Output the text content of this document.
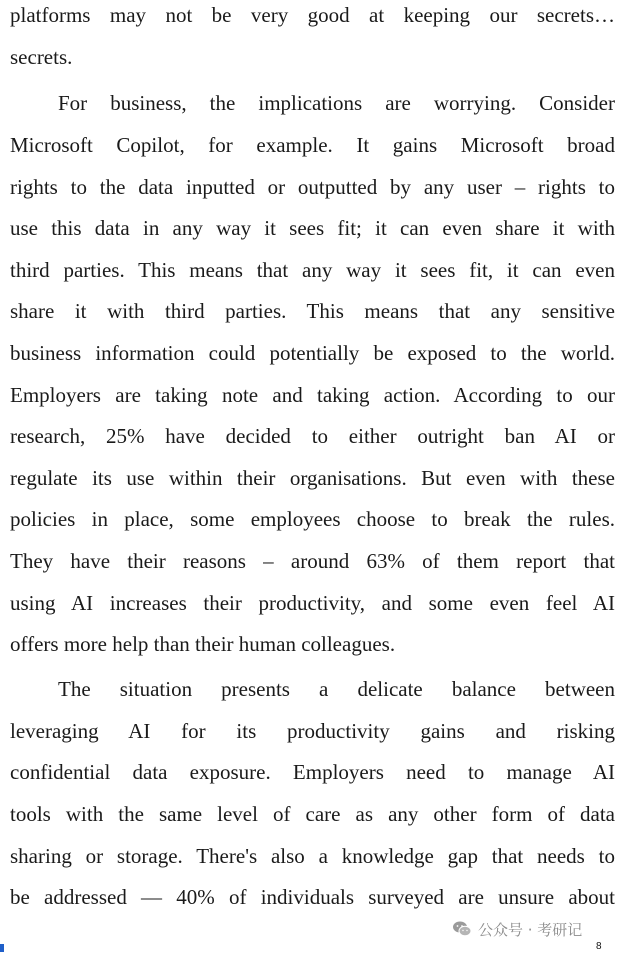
platforms may not be very good at keeping our secrets…
secrets.
For business, the implications are worrying. Consider
Microsoft Copilot, for example. It gains Microsoft broad
rights to the data inputted or outputted by any user – rights to
use this data in any way it sees fit; it can even share it with
third parties. This means that any way it sees fit, it can even
share it with third parties. This means that any sensitive
business information could potentially be exposed to the world.
Employers are taking note and taking action. According to our
research, 25% have decided to either outright ban AI or
regulate its use within their organisations. But even with these
policies in place, some employees choose to break the rules.
They have their reasons – around 63% of them report that
using AI increases their productivity, and some even feel AI
offers more help than their human colleagues.
The situation presents a delicate balance between
leveraging AI for its productivity gains and risking
confidential data exposure. Employers need to manage AI
tools with the same level of care as any other form of data
sharing or storage. There's also a knowledge gap that needs to
be addressed — 40% of individuals surveyed are unsure about
公众号 · 考研记
8
